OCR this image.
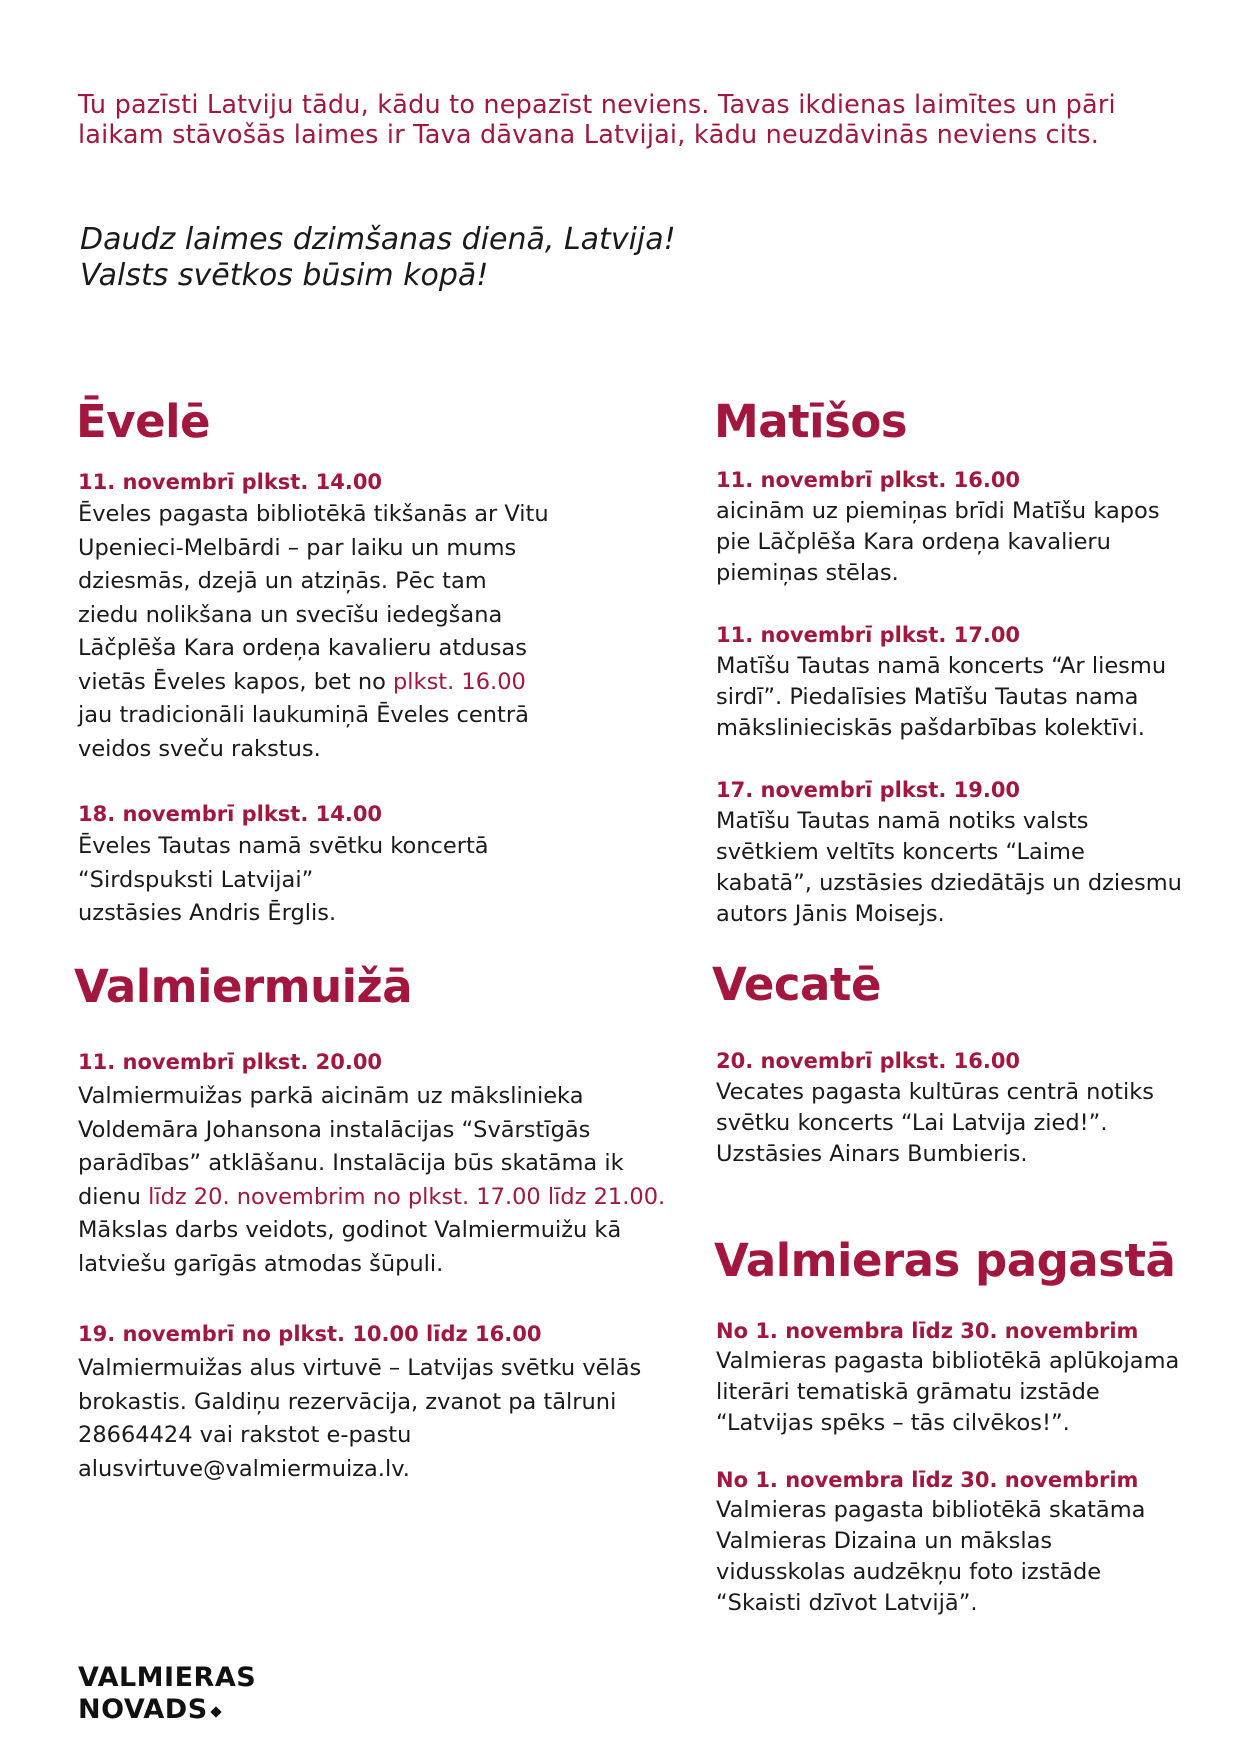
Tu pazīsti Latviju tādu, kādu to nepazīst neviens. Tavas ikdienas laimītes un pāri
laikam stāvošās laimes ir Tava dāvana Latvijai, kādu neuzdāvinās neviens cits.
Daudz laimes dzimšanas dienā, Latvija!
Valsts svētkos būsim kopā!
Ēvelē
11. novembrī plkst. 14.00
Ēveles pagasta bibliotēkā tikšanās ar Vitu
Upenieci-Melbārdi – par laiku un mums
dziesmās, dzejā un atziņās. Pēc tam
ziedu nolikšana un svecīšu iedegšana
Lāčplēša Kara ordeņa kavalieru atdusas
vietās Ēveles kapos, bet no plkst. 16.00
jau tradicionāli laukumiņā Ēveles centrā
veidos sveču rakstus.
18. novembrī plkst. 14.00
Ēveles Tautas namā svētku koncertā
“Sirdspuksti Latvijai”
uzstāsies Andris Ērglis.
Valmiermuižā
11. novembrī plkst. 20.00
Valmiermuižas parkā aicinām uz mākslinieka
Voldemāra Johansona instalācijas “Svārstīgās
parādības” atklāšanu. Instalācija būs skatāma ik
dienu līdz 20. novembrim no plkst. 17.00 līdz 21.00.
Mākslas darbs veidots, godinot Valmiermuižu kā
latviešu garīgās atmodas šūpuli.
19. novembrī no plkst. 10.00 līdz 16.00
Valmiermuižas alus virtuvē – Latvijas svētku vēlās
brokastis. Galdiņu rezervācija, zvanot pa tālruni
28664424 vai rakstot e-pastu
alusvirtuve@valmiermuiza.lv.
Matīšos
11. novembrī plkst. 16.00
aicinām uz piemiņas brīdi Matīšu kapos
pie Lāčplēša Kara ordeņa kavalieru
piemiņas stēlas.
11. novembrī plkst. 17.00
Matīšu Tautas namā koncerts “Ar liesmu
sirdī”. Piedalīsies Matīšu Tautas nama
mākslinieciskās pašdarbības kolektīvi.
17. novembrī plkst. 19.00
Matīšu Tautas namā notiks valsts
svētkiem veltīts koncerts “Laime
kabatā”, uzstāsies dziedātājs un dziesmu
autors Jānis Moisejs.
Vecatē
20. novembrī plkst. 16.00
Vecates pagasta kultūras centrā notiks
svētku koncerts “Lai Latvija zied!”.
Uzstāsies Ainars Bumbieris.
Valmieras pagastā
No 1. novembra līdz 30. novembrim
Valmieras pagasta bibliotēkā aplūkojama
literāri tematiskā grāmatu izstāde
“Latvijas spēks – tās cilvēkos!”.
No 1. novembra līdz 30. novembrim
Valmieras pagasta bibliotēkā skatāma
Valmieras Dizaina un mākslas
vidusskolas audzēkņu foto izstāde
“Skaisti dzīvot Latvijā”.
VALMIERAS
NOVADS
